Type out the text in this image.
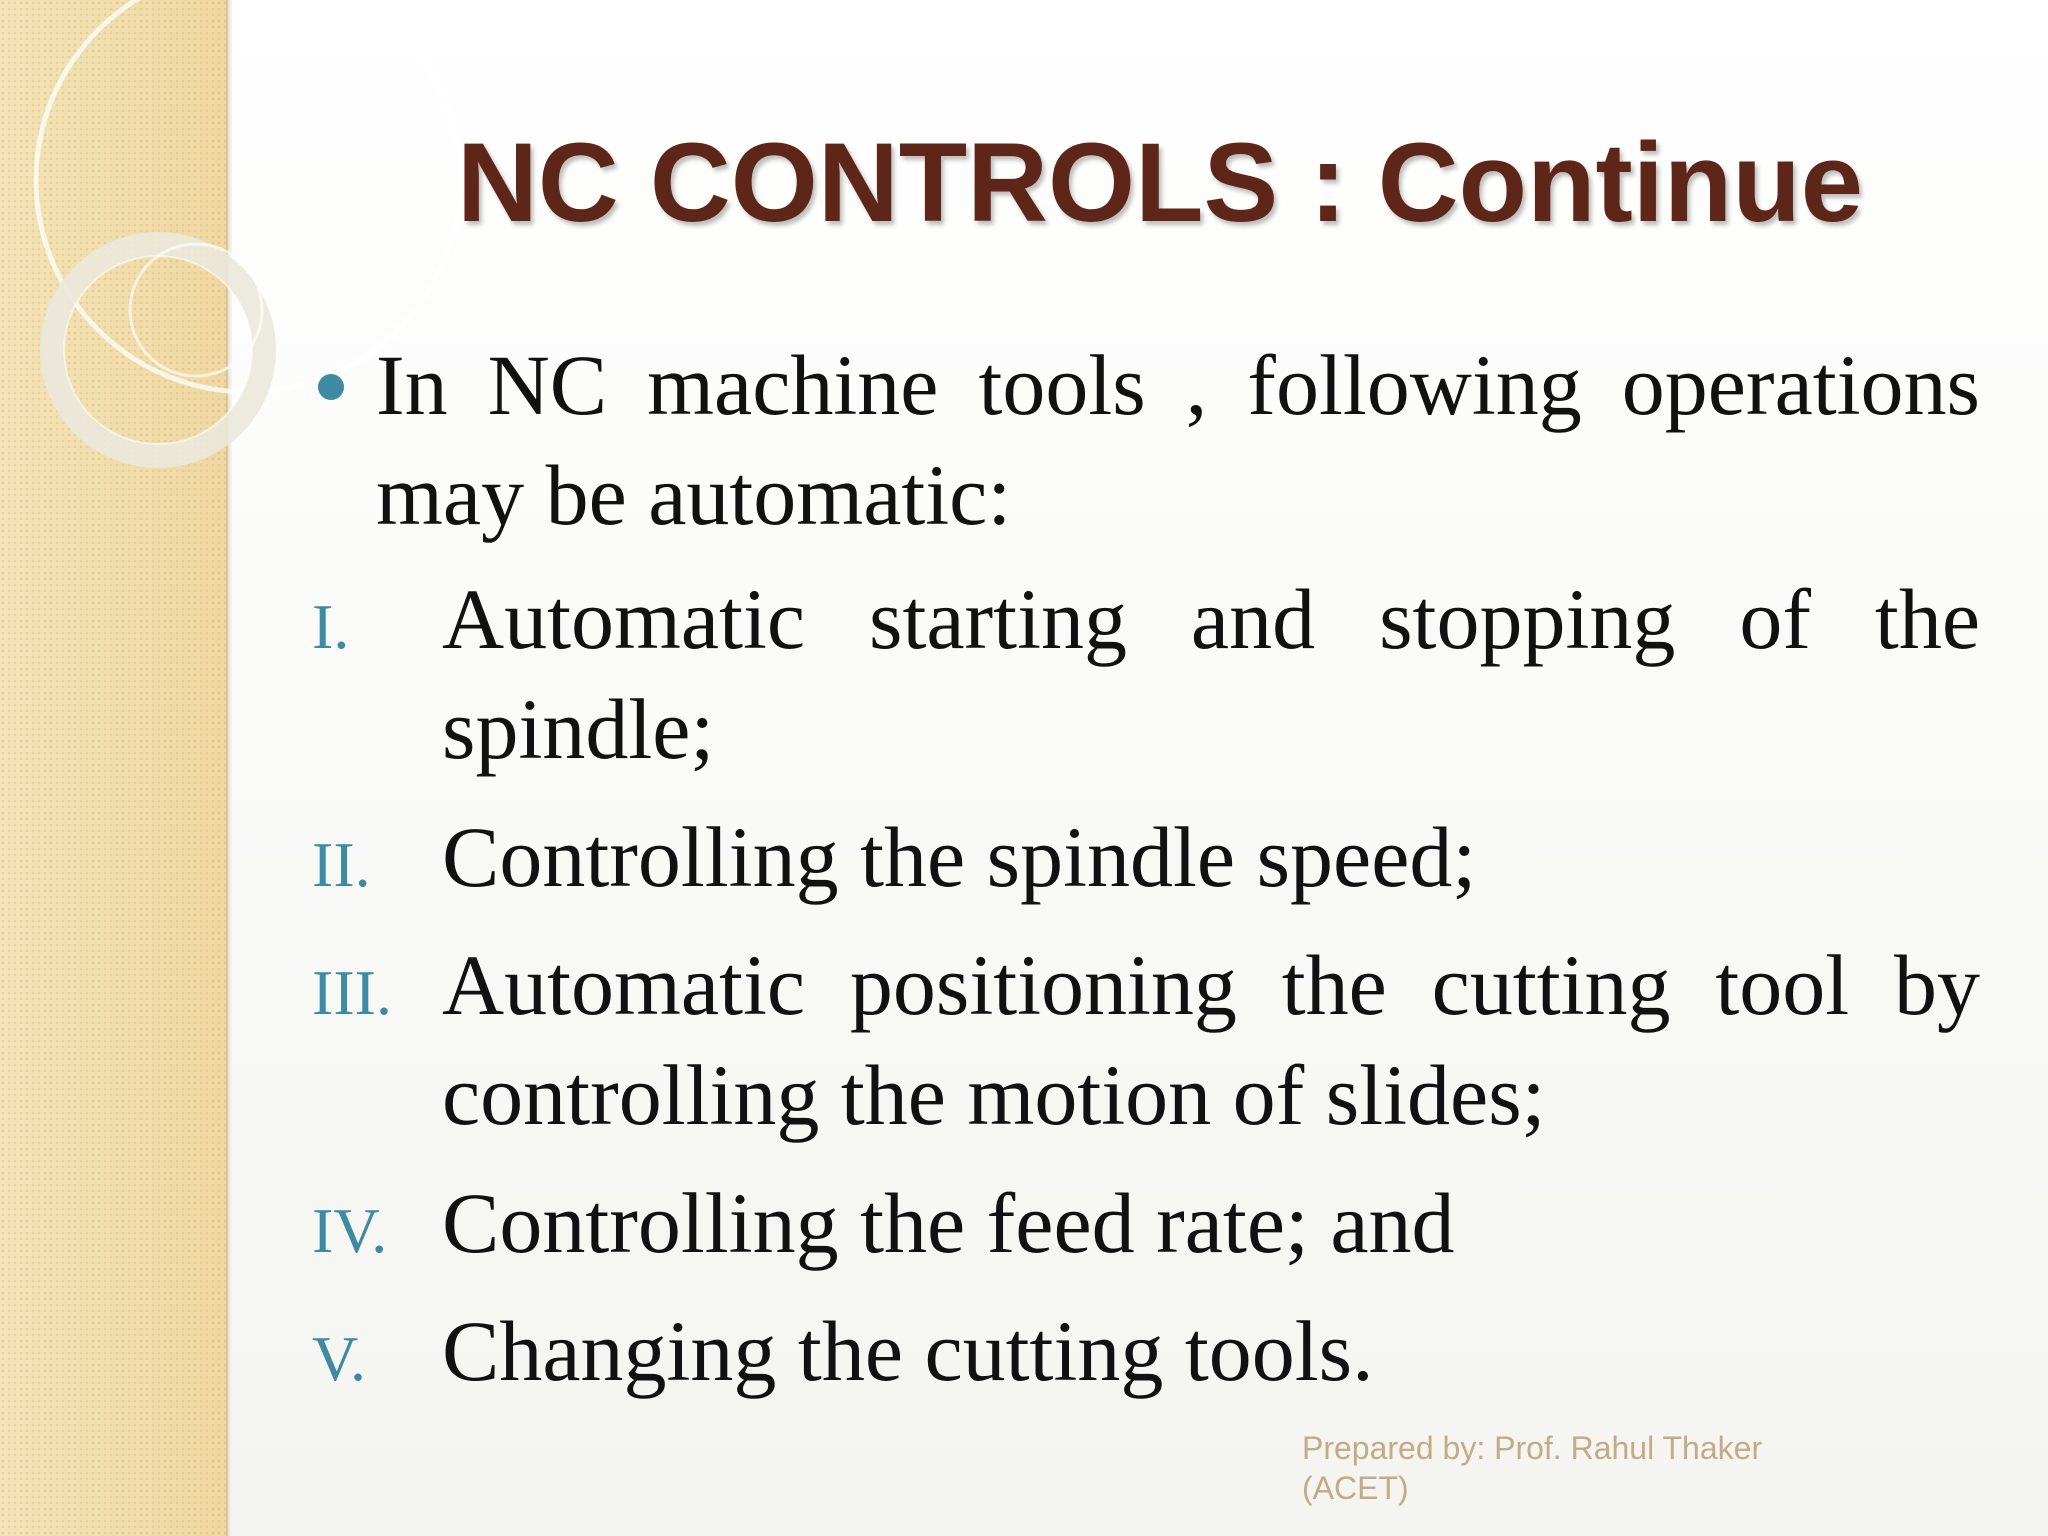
NC CONTROLS : Continue
In NC machine tools , following operations may be automatic:
I. Automatic starting and stopping of the spindle;
II. Controlling the spindle speed;
III. Automatic positioning the cutting tool by controlling the motion of slides;
IV. Controlling the feed rate; and
V. Changing the cutting tools.
Prepared by: Prof. Rahul Thaker (ACET)
